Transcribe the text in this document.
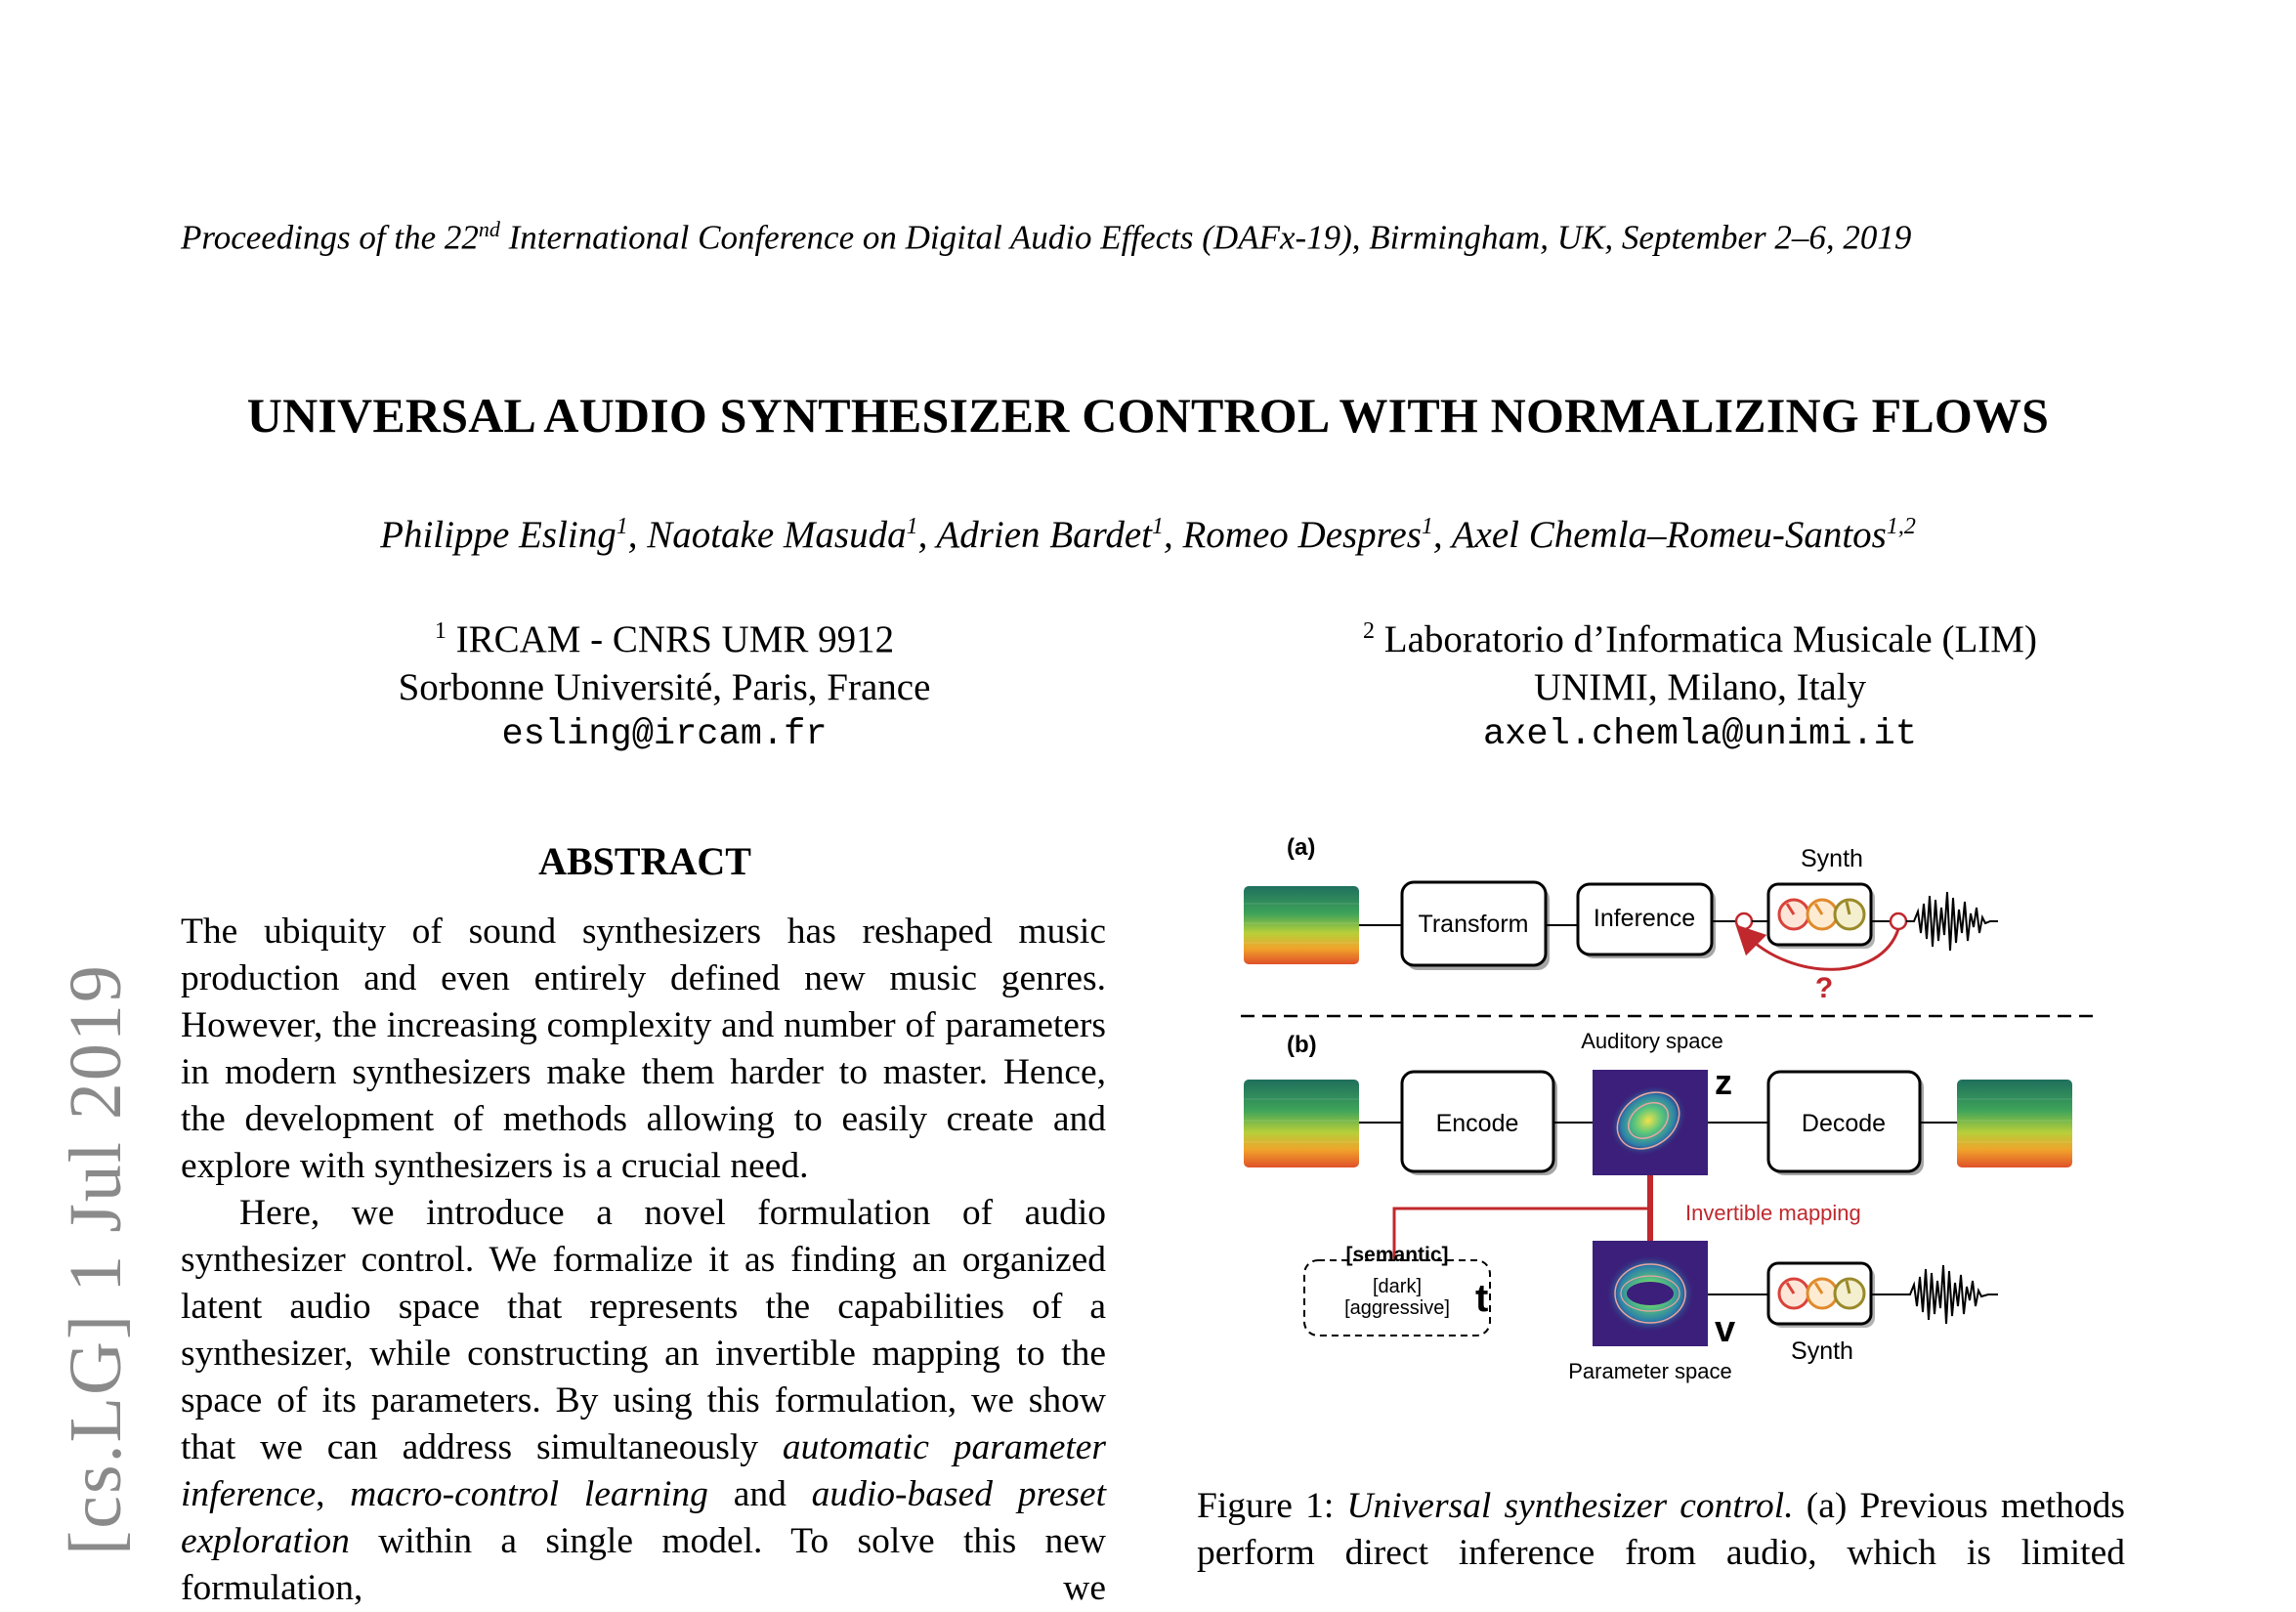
Proceedings of the 22nd International Conference on Digital Audio Effects (DAFx-19), Birmingham, UK, September 2–6, 2019
UNIVERSAL AUDIO SYNTHESIZER CONTROL WITH NORMALIZING FLOWS
Philippe Esling$^1$, Naotake Masuda$^1$, Adrien Bardet$^1$, Romeo Despres$^1$, Axel Chemla–Romeu-Santos$^{1,2}$
$^1$ IRCAM - CNRS UMR 9912
Sorbonne Université, Paris, France
esling@ircam.fr
$^2$ Laboratorio d’Informatica Musicale (LIM)
UNIMI, Milano, Italy
axel.chemla@unimi.it
ABSTRACT

The ubiquity of sound synthesizers has reshaped music production and even entirely defined new music genres. However, the increasing complexity and number of parameters in modern synthesizers make them harder to master. Hence, the development of methods allowing to easily create and explore with synthesizers is a crucial need.

Here, we introduce a novel formulation of audio synthesizer control. We formalize it as finding an organized latent audio space that represents the capabilities of a synthesizer, while constructing an invertible mapping to the space of its parameters. By using this formulation, we show that we can address simultaneously automatic parameter inference, macro-control learning and audio-based preset exploration within a single model. To solve this new formulation, we

[cs.LG] 1 Jul 2019
(a)	Synth
Transform	Inference
?
(b)	Auditory space
Encode
z
Decode
Invertible mapping
[semantic]
[dark]
[aggressive] t
v
Parameter space
Synth
Figure 1: Universal synthesizer control. (a) Previous methods perform direct inference from audio, which is limited
